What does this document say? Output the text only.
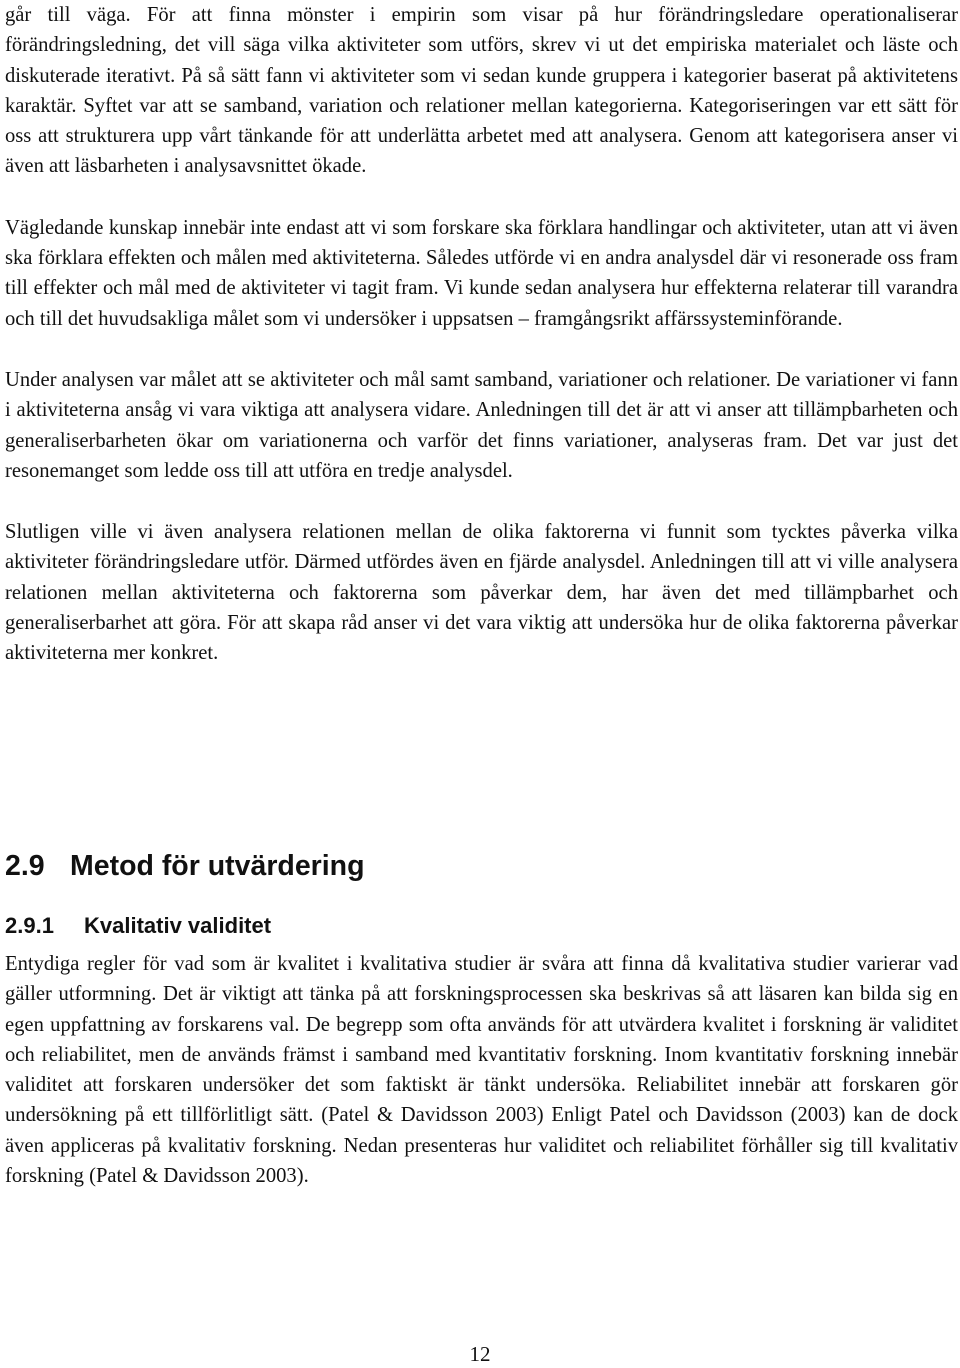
går till väga. För att finna mönster i empirin som visar på hur förändringsledare operationaliserar förändringsledning, det vill säga vilka aktiviteter som utförs, skrev vi ut det empiriska materialet och läste och diskuterade iterativt. På så sätt fann vi aktiviteter som vi sedan kunde gruppera i kategorier baserat på aktivitetens karaktär. Syftet var att se samband, variation och relationer mellan kategorierna. Kategoriseringen var ett sätt för oss att strukturera upp vårt tänkande för att underlätta arbetet med att analysera. Genom att kategorisera anser vi även att läsbarheten i analysavsnittet ökade.

Vägledande kunskap innebär inte endast att vi som forskare ska förklara handlingar och aktiviteter, utan att vi även ska förklara effekten och målen med aktiviteterna. Således utförde vi en andra analysdel där vi resonerade oss fram till effekter och mål med de aktiviteter vi tagit fram. Vi kunde sedan analysera hur effekterna relaterar till varandra och till det huvudsakliga målet som vi undersöker i uppsatsen – framgångsrikt affärssysteminförande.

Under analysen var målet att se aktiviteter och mål samt samband, variationer och relationer. De variationer vi fann i aktiviteterna ansåg vi vara viktiga att analysera vidare. Anledningen till det är att vi anser att tillämpbarheten och generaliserbarheten ökar om variationerna och varför det finns variationer, analyseras fram. Det var just det resonemanget som ledde oss till att utföra en tredje analysdel.

Slutligen ville vi även analysera relationen mellan de olika faktorerna vi funnit som tycktes påverka vilka aktiviteter förändringsledare utför. Därmed utfördes även en fjärde analysdel. Anledningen till att vi ville analysera relationen mellan aktiviteterna och faktorerna som påverkar dem, har även det med tillämpbarhet och generaliserbarhet att göra. För att skapa råd anser vi det vara viktig att undersöka hur de olika faktorerna påverkar aktiviteterna mer konkret.

2.9 Metod för utvärdering
2.9.1 Kvalitativ validitet

Entydiga regler för vad som är kvalitet i kvalitativa studier är svåra att finna då kvalitativa studier varierar vad gäller utformning. Det är viktigt att tänka på att forskningsprocessen ska beskrivas så att läsaren kan bilda sig en egen uppfattning av forskarens val. De begrepp som ofta används för att utvärdera kvalitet i forskning är validitet och reliabilitet, men de används främst i samband med kvantitativ forskning. Inom kvantitativ forskning innebär validitet att forskaren undersöker det som faktiskt är tänkt undersöka. Reliabilitet innebär att forskaren gör undersökning på ett tillförlitligt sätt. (Patel & Davidsson 2003) Enligt Patel och Davidsson (2003) kan de dock även appliceras på kvalitativ forskning. Nedan presenteras hur validitet och reliabilitet förhåller sig till kvalitativ forskning (Patel & Davidsson 2003).

12
